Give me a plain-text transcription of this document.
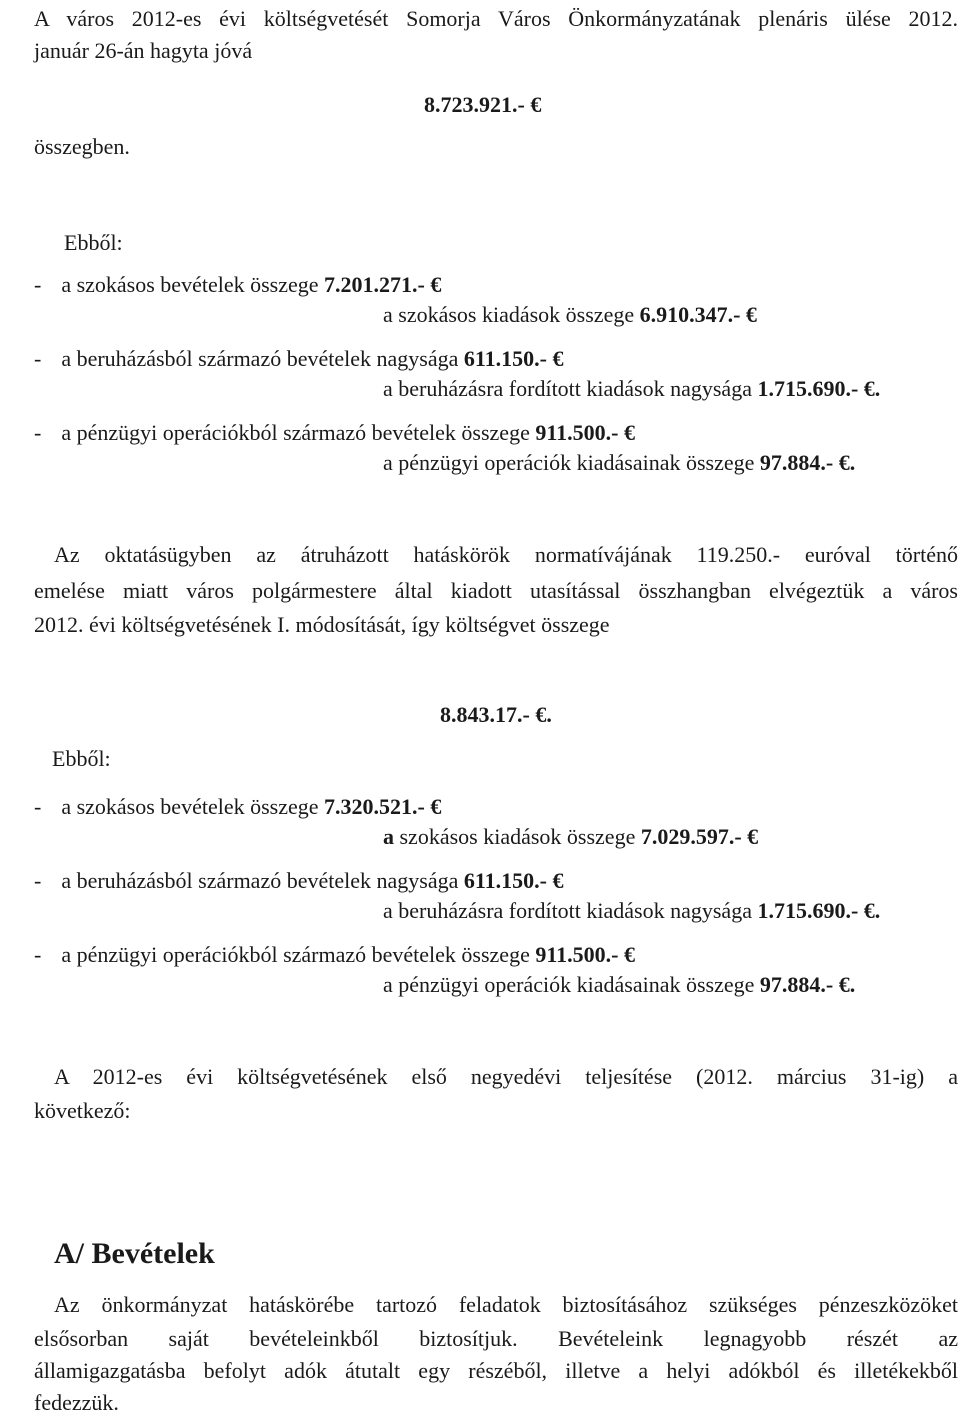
A város 2012-es évi költségvetését Somorja Város Önkormányzatának plenáris ülése 2012.
január 26-án hagyta jóvá
8.723.921.- €
összegben.
Ebből:
- a szokásos bevételek összege 7.201.271.- €
a szokásos kiadások összege 6.910.347.- €
- a beruházásból származó bevételek nagysága 611.150.- €
a beruházásra fordított kiadások nagysága 1.715.690.- €.
- a pénzügyi operációkból származó bevételek összege 911.500.- €
a pénzügyi operációk kiadásainak összege 97.884.- €.
Az oktatásügyben az átruházott hatáskörök normatívájának 119.250.- euróval történő
emelése miatt város polgármestere által kiadott utasítással összhangban elvégeztük a város
2012. évi költségvetésének I. módosítását, így költségvet összege
8.843.17.- €.
Ebből:
- a szokásos bevételek összege 7.320.521.- €
a szokásos kiadások összege 7.029.597.- €
- a beruházásból származó bevételek nagysága 611.150.- €
a beruházásra fordított kiadások nagysága 1.715.690.- €.
- a pénzügyi operációkból származó bevételek összege 911.500.- €
a pénzügyi operációk kiadásainak összege 97.884.- €.
A 2012-es évi költségvetésének első negyedévi teljesítése (2012. március 31-ig) a
következő:
A/ Bevételek
Az önkormányzat hatáskörébe tartozó feladatok biztosításához szükséges pénzeszközöket
elsősorban saját bevételeinkből biztosítjuk. Bevételeink legnagyobb részét az
államigazgatásba befolyt adók átutalt egy részéből, illetve a helyi adókból és illetékekből
fedezzük.
